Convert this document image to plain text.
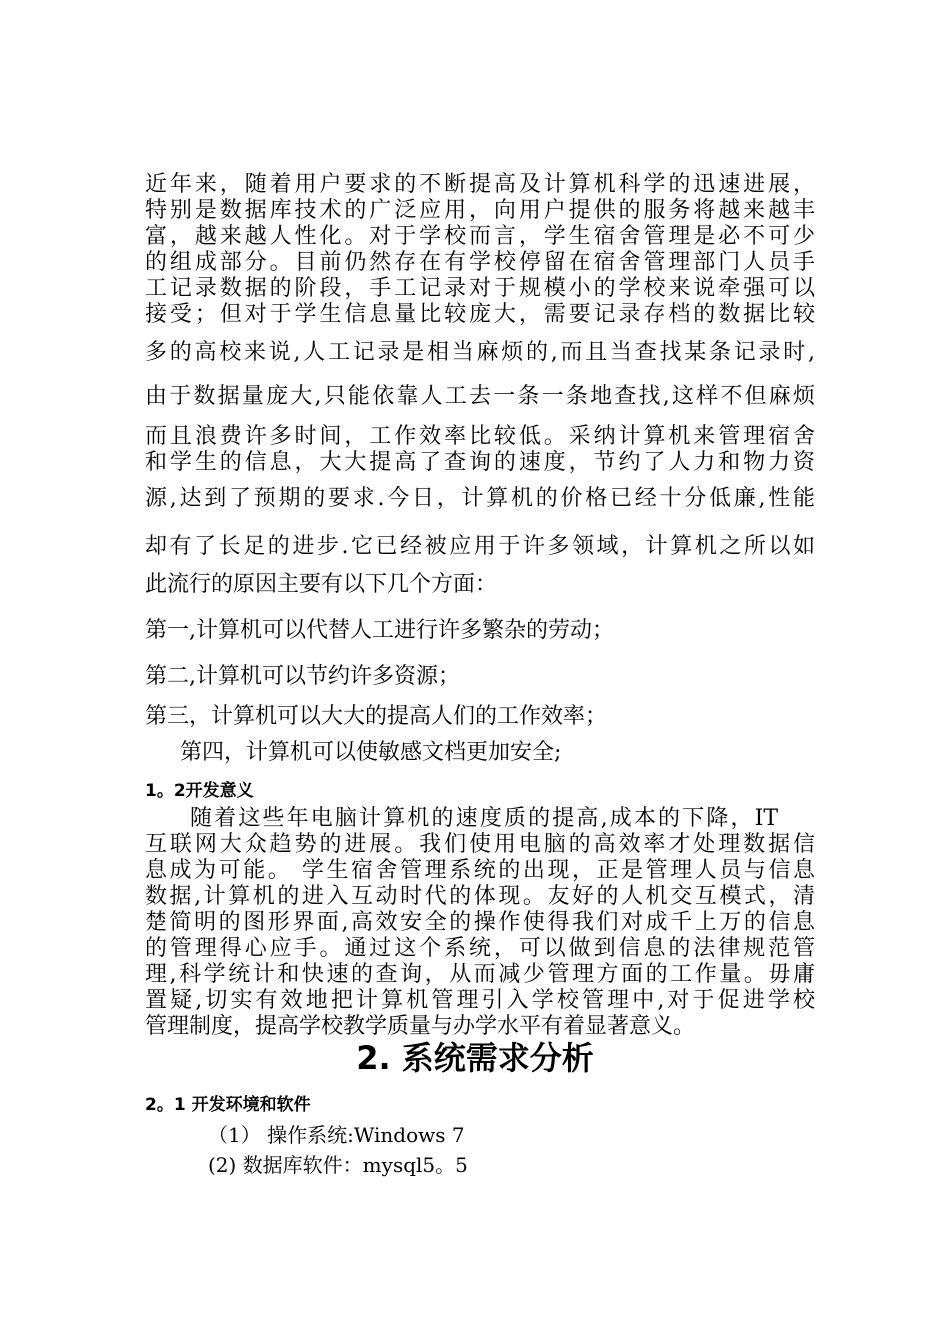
近年来，随着用户要求的不断提高及计算机科学的迅速进展，
特别是数据库技术的广泛应用，向用户提供的服务将越来越丰
富，越来越人性化。对于学校而言，学生宿舍管理是必不可少
的组成部分。目前仍然存在有学校停留在宿舍管理部门人员手
工记录数据的阶段，手工记录对于规模小的学校来说牵强可以
接受；但对于学生信息量比较庞大，需要记录存档的数据比较
多的高校来说,人工记录是相当麻烦的,而且当查找某条记录时,
由于数据量庞大,只能依靠人工去一条一条地查找,这样不但麻烦
而且浪费许多时间，工作效率比较低。采纳计算机来管理宿舍
和学生的信息，大大提高了查询的速度，节约了人力和物力资
源,达到了预期的要求.今日，计算机的价格已经十分低廉,性能
却有了长足的进步.它已经被应用于许多领域，计算机之所以如
此流行的原因主要有以下几个方面：
第一,计算机可以代替人工进行许多繁杂的劳动；
第二,计算机可以节约许多资源；
第三，计算机可以大大的提高人们的工作效率；
第四，计算机可以使敏感文档更加安全;
1。2开发意义
随着这些年电脑计算机的速度质的提高,成本的下降，IT
互联网大众趋势的进展。我们使用电脑的高效率才处理数据信
息成为可能。 学生宿舍管理系统的出现，正是管理人员与信息
数据,计算机的进入互动时代的体现。友好的人机交互模式，清
楚简明的图形界面,高效安全的操作使得我们对成千上万的信息
的管理得心应手。通过这个系统，可以做到信息的法律规范管
理,科学统计和快速的查询，从而减少管理方面的工作量。毋庸
置疑,切实有效地把计算机管理引入学校管理中,对于促进学校
管理制度，提高学校教学质量与办学水平有着显著意义。
2. 系统需求分析
2。1 开发环境和软件
（1） 操作系统:Windows 7
(2) 数据库软件：mysql5。5
